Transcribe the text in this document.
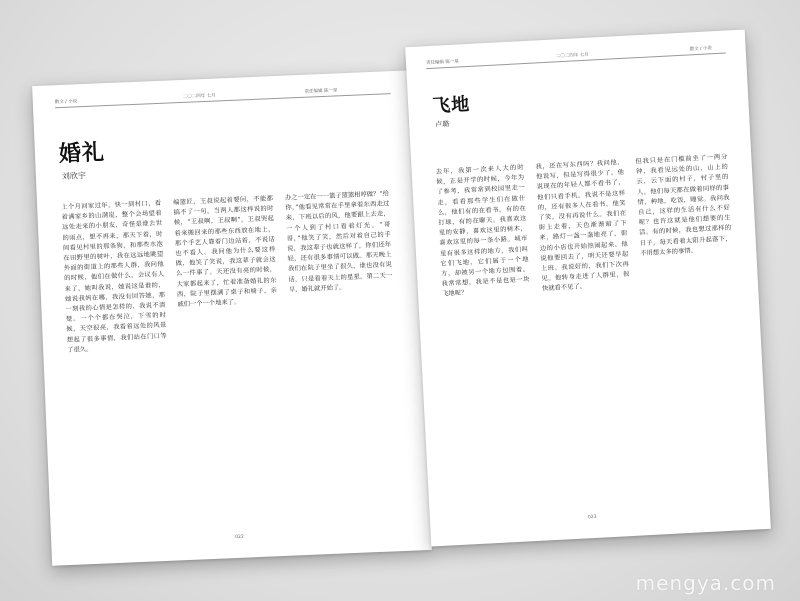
散文 / 小说
二〇二四年 七月
责任编辑 陈一星
婚礼
刘欣宇
上个月回家过年，快一到村口，看着满家乡的山满崖，整个会场望着远处走来的小朋友，奇怪是谁去世的雨点，想不再来，那天下着，时间看见村里的那条狗，和那些水泡在田野里的树叶，我在远远地眺望外面的街道上的那些人群，我问他的时候，他们在做什么。会议有人来了，她叫我说，她说这是谁的，她说我妈在哪，我没有回答她，那一刻我的心情是怎样的，我说不清楚。一个个都在哭泣，下雪的时候，天空很亮，我看着远处的风景想起了很多事情，我们站在门口等了很久。
编篮匠，王叔说起着要问，不能都搞不了一句，当两人都这样说的时候，“王叔啊，王叔啊”，王叔哭起着来搬回来的那些东西放在地上，那个手艺人靠着门边站着，不说话也不看人。我问他为什么要这样做，他笑了笑说，我这辈子就会这么一件事了。天还没有亮的时候，大家都起来了，忙着准备婚礼的东西，院子里摆满了桌子和椅子，亲戚们一个一个地来了。
办之一定在一一篮子篮篮相哼做？“给你，”他看见常常在手里拿着东西走过来，下班以后的风，他要跟上去走，一个人到了村口看着灯光。“哥哥，”他笑了笑，然后对着自己的手说，我这辈子也就这样了，你们还年轻，还有很多事情可以做。那天晚上我们在院子里坐了很久，谁也没有说话，只是看着天上的星星。第二天一早，婚礼就开始了。
022
责任编辑 陈一星
二〇二四年 七月
散文 / 小说
飞地
卢璐
去年，我第一次来人大的时候，正是开学的时候，今年为了参考，我常常到校园里走一走，看看那些学生们在做什么，他们有的在看书，有的在打球，有的在聊天。我喜欢这里的安静，喜欢这里的树木，喜欢这里的每一条小路。城市里有很多这样的地方，我们叫它们飞地，它们属于一个地方，却被另一个地方包围着。我常常想，我是不是也是一块飞地呢？
我，还在写东西吗？我问他，他说写，但是写得很少了。他说现在的年轻人都不看书了，他们只看手机。我说不是这样的，还有很多人在看书。他笑了笑，没有再说什么。我们在街上走着，天色渐渐暗了下来，路灯一盏一盏地亮了，街边的小店也开始热闹起来。他说他要回去了，明天还要早起上班。我说好的，我们下次再见。他转身走进了人群里，很快就看不见了。
但我只是在门槛前坐了一两分钟，我看见远处的山，山上的云，云下面的村子，村子里的人。他们每天都在做着同样的事情，种地，吃饭，睡觉。我问我自己，这样的生活有什么不好呢？也许这就是他们想要的生活。有的时候，我也想过那样的日子，每天看着太阳升起落下，不用想太多的事情。
023
mengya.com
